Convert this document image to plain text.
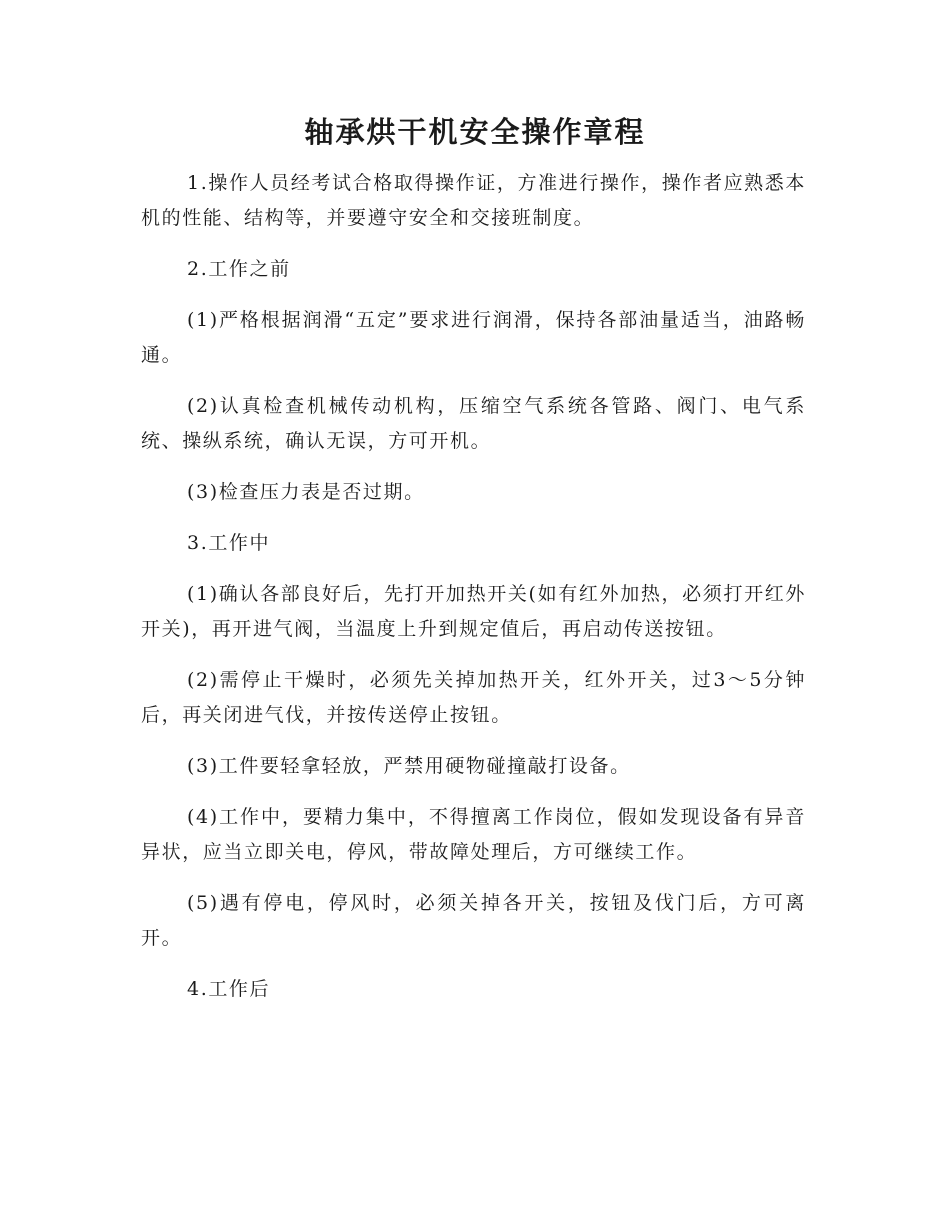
轴承烘干机安全操作章程

1.操作人员经考试合格取得操作证，方准进行操作，操作者应熟悉本机的性能、结构等，并要遵守安全和交接班制度。

2.工作之前

(1)严格根据润滑“五定”要求进行润滑，保持各部油量适当，油路畅通。

(2)认真检查机械传动机构，压缩空气系统各管路、阀门、电气系统、操纵系统，确认无误，方可开机。

(3)检查压力表是否过期。

3.工作中

(1)确认各部良好后，先打开加热开关(如有红外加热，必须打开红外开关)，再开进气阀，当温度上升到规定值后，再启动传送按钮。

(2)需停止干燥时，必须先关掉加热开关，红外开关，过3～5分钟后，再关闭进气伐，并按传送停止按钮。

(3)工件要轻拿轻放，严禁用硬物碰撞敲打设备。

(4)工作中，要精力集中，不得擅离工作岗位，假如发现设备有异音异状，应当立即关电，停风，带故障处理后，方可继续工作。

(5)遇有停电，停风时，必须关掉各开关，按钮及伐门后，方可离开。

4.工作后
